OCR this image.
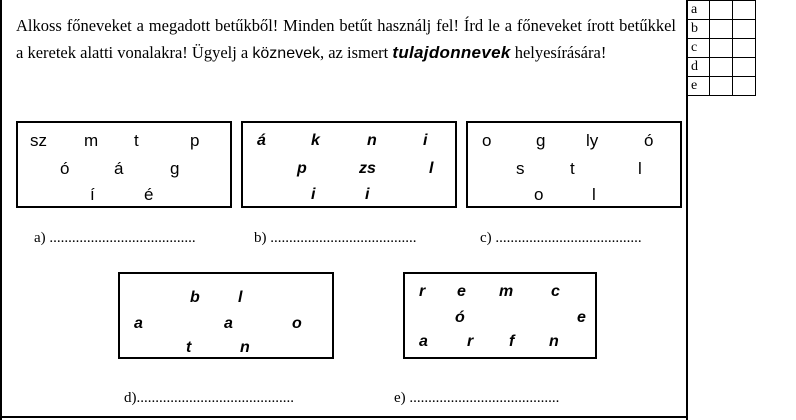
Alkoss főneveket a megadott betűkből! Minden betűt használj fel! Írd le a főneveket írott betűkkel a keretek alatti vonalakra! Ügyelj a köznevek, az ismert tulajdonnevek helyesírására!
a		
b		
c		
d		
e		
sz m t	p
ó	á	g
í	é
á	k	n	i
p	zs	l
i	i
o	g ly	ó
s	t	l
o	l
a) .......................................	b) .......................................	c) .......................................
b l
a	a	o
t	n
r e m c
ó	e
a r f n
d)..........................................	e) ........................................
